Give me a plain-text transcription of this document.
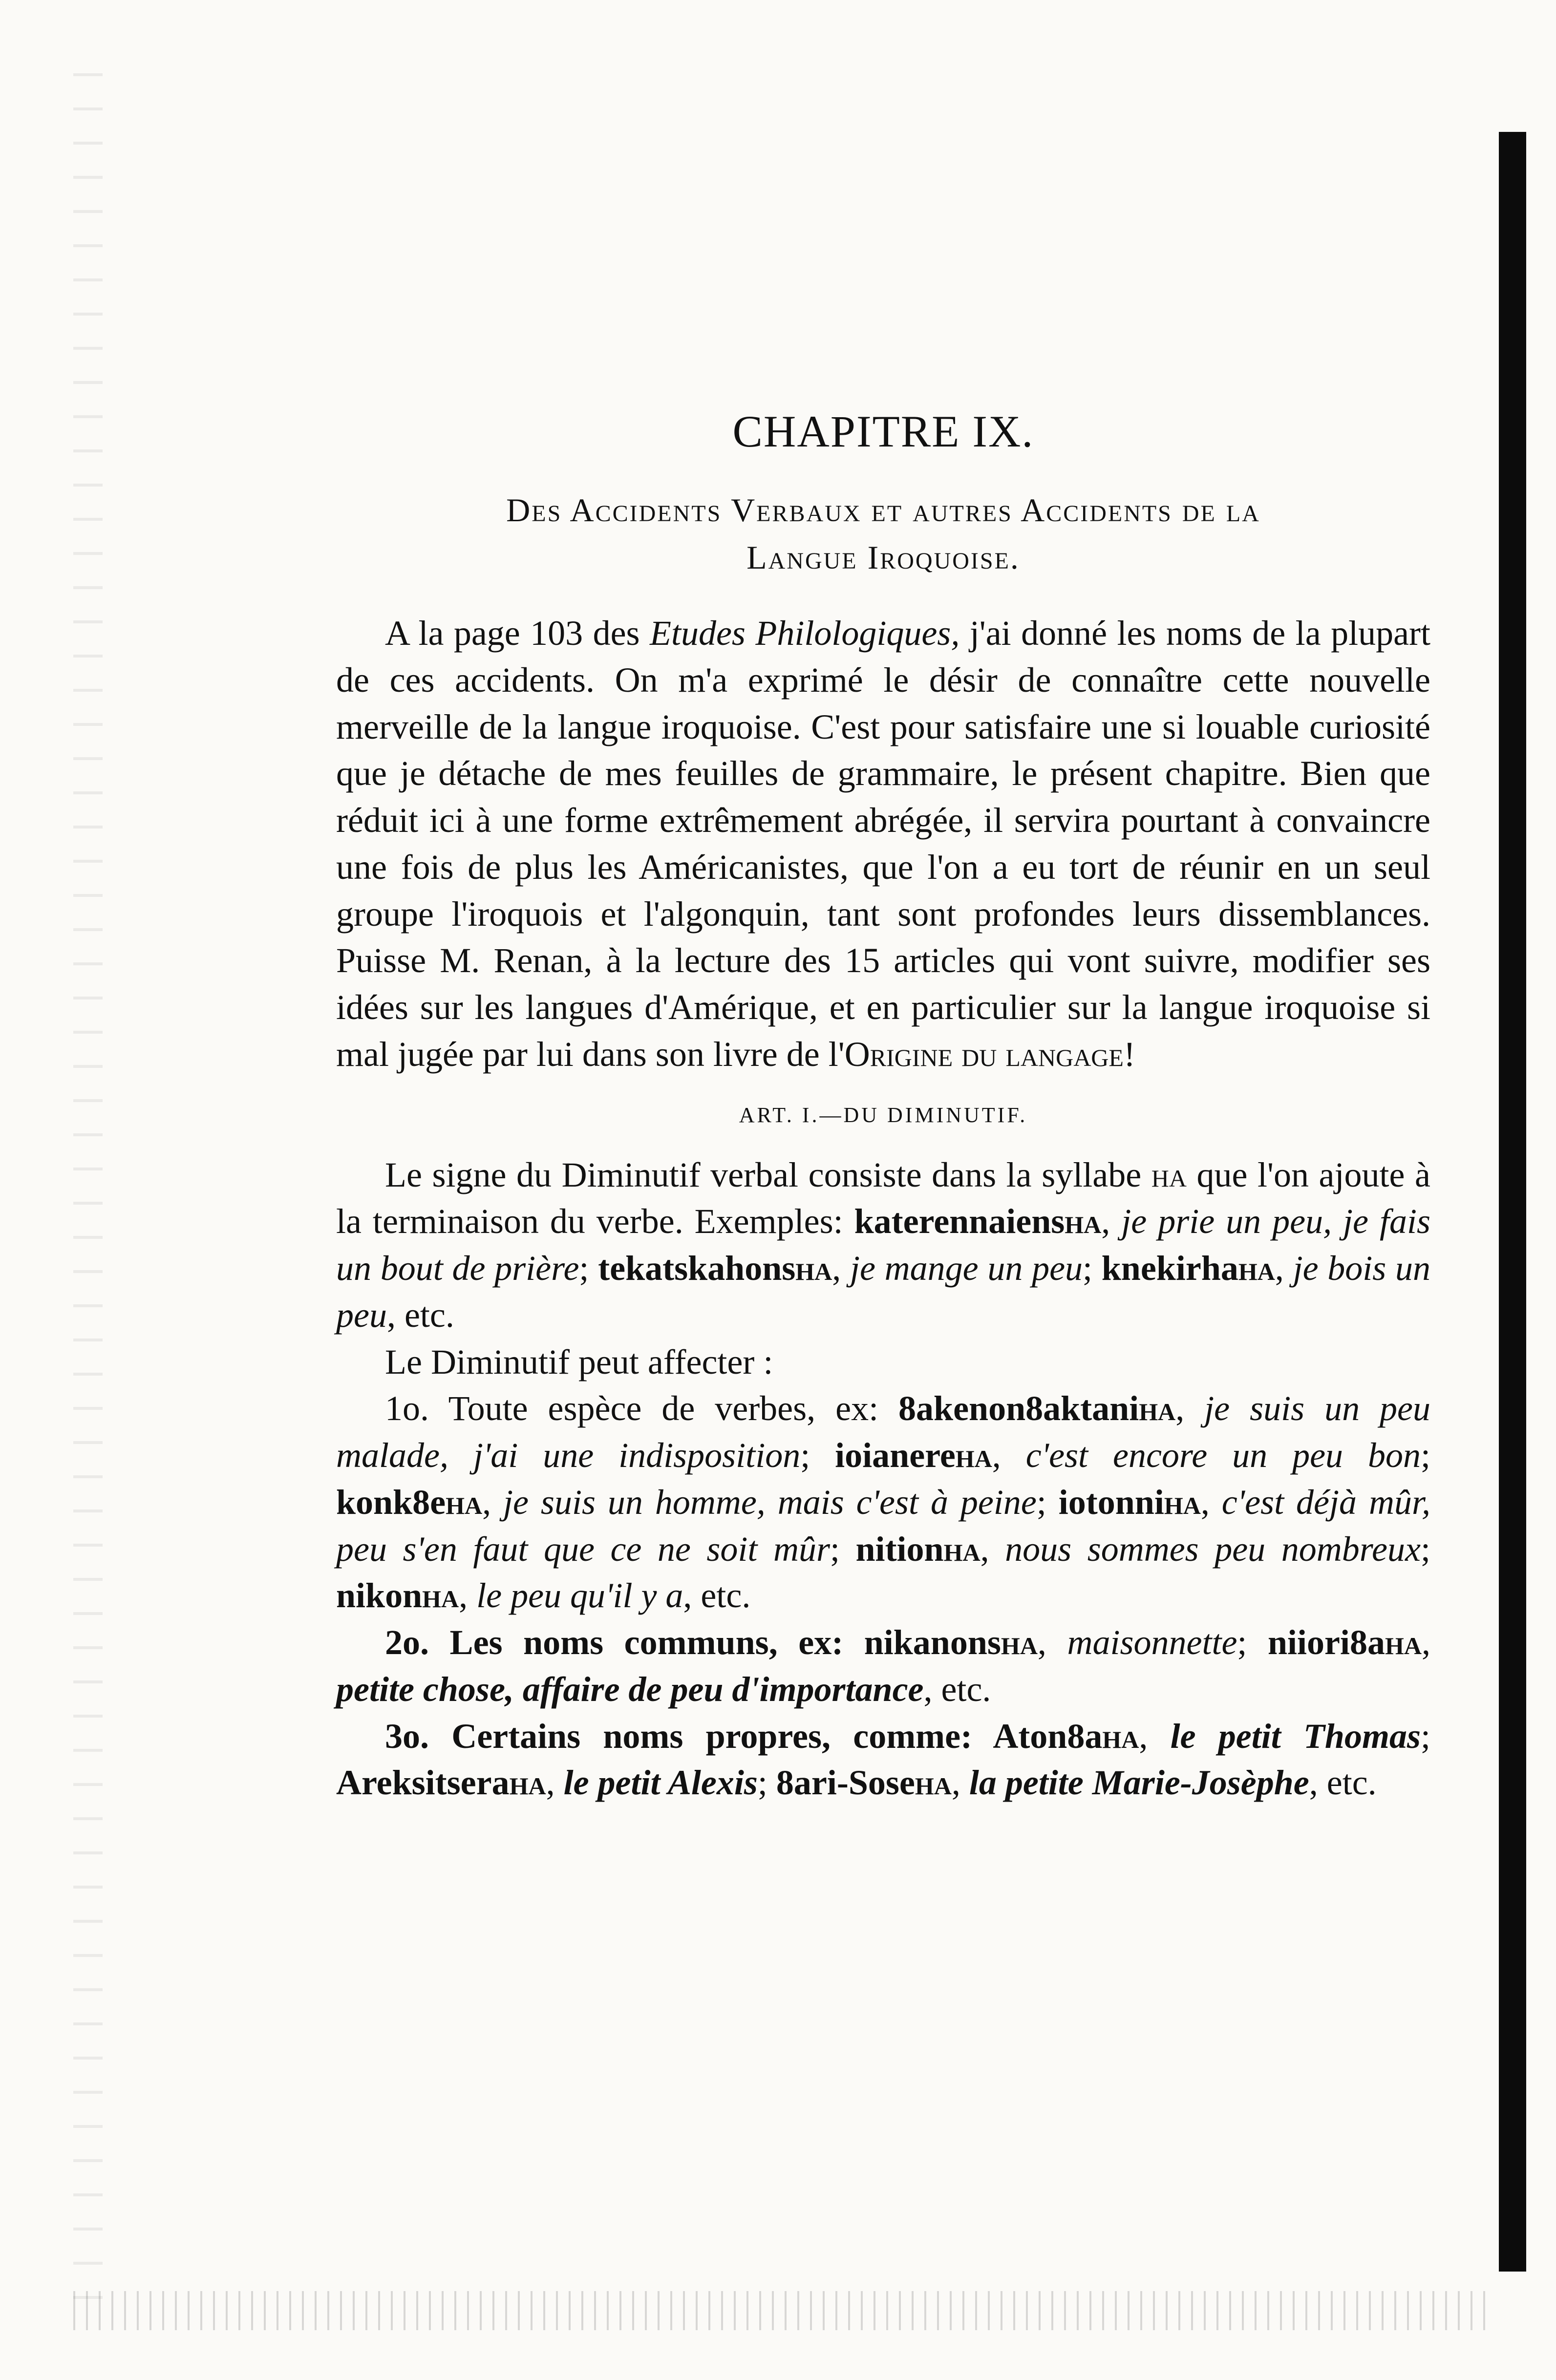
CHAPITRE IX.
Des Accidents Verbaux et autres Accidents de la
Langue Iroquoise.

A la page 103 des Etudes Philologiques, j'ai donné les noms de la plupart de ces accidents. On m'a exprimé le désir de connaître cette nouvelle merveille de la langue iroquoise. C'est pour satisfaire une si louable curiosité que je détache de mes feuilles de grammaire, le présent chapitre. Bien que réduit ici à une forme extrêmement abrégée, il servira pourtant à convaincre une fois de plus les Américanistes, que l'on a eu tort de réunir en un seul groupe l'iroquois et l'algonquin, tant sont profondes leurs dissemblances. Puisse M. Renan, à la lecture des 15 articles qui vont suivre, modifier ses idées sur les langues d'Amérique, et en particulier sur la langue iroquoise si mal jugée par lui dans son livre de l'Origine du langage!

ART. I.—DU DIMINUTIF.

Le signe du Diminutif verbal consiste dans la syllabe ha que l'on ajoute à la terminaison du verbe. Exemples: katerennaiensha, je prie un peu, je fais un bout de prière; tekatskahonsha, je mange un peu; knekirhaha, je bois un peu, etc.

Le Diminutif peut affecter :

1o. Toute espèce de verbes, ex: 8akenon8aktaniha, je suis un peu malade, j'ai une indisposition; ioianereha, c'est encore un peu bon; konk8eha, je suis un homme, mais c'est à peine; iotonniha, c'est déjà mûr, peu s'en faut que ce ne soit mûr; nitionha, nous sommes peu nombreux; nikonha, le peu qu'il y a, etc.

2o. Les noms communs, ex: nikanonsha, maisonnette; niiori8aha, petite chose, affaire de peu d'importance, etc.

3o. Certains noms propres, comme: Aton8aha, le petit Thomas; Areksitseraha, le petit Alexis; 8ari-Soseha, la petite Marie-Josèphe, etc.
